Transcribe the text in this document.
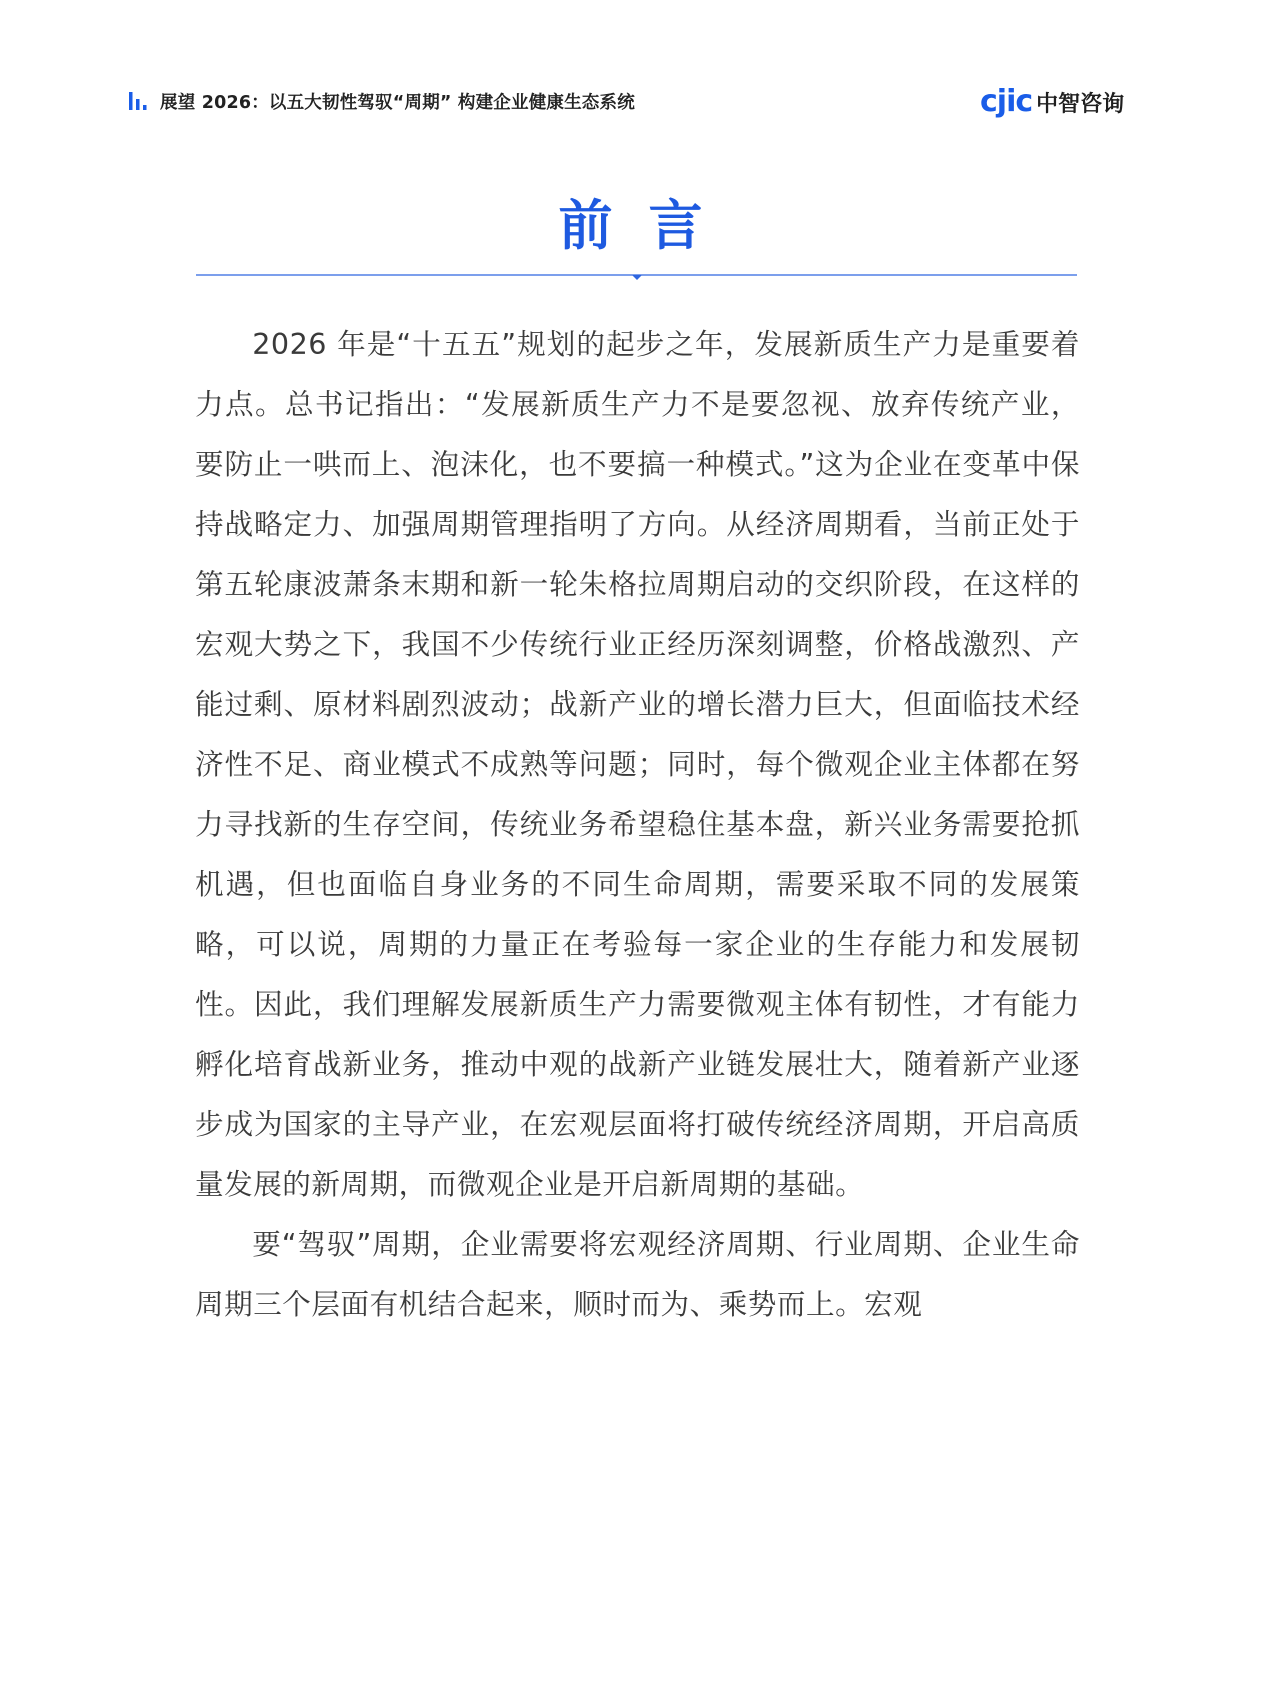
展望 2026：以五大韧性驾驭“周期” 构建企业健康生态系统	cjic 中智咨询
前言

2026 年是“十五五”规划的起步之年，发展新质生产力是重要着力点。总书记指出：“发展新质生产力不是要忽视、放弃传统产业，要防止一哄而上、泡沫化，也不要搞一种模式。”这为企业在变革中保持战略定力、加强周期管理指明了方向。从经济周期看，当前正处于第五轮康波萧条末期和新一轮朱格拉周期启动的交织阶段，在这样的宏观大势之下，我国不少传统行业正经历深刻调整，价格战激烈、产能过剩、原材料剧烈波动；战新产业的增长潜力巨大，但面临技术经济性不足、商业模式不成熟等问题；同时，每个微观企业主体都在努力寻找新的生存空间，传统业务希望稳住基本盘，新兴业务需要抢抓机遇，但也面临自身业务的不同生命周期，需要采取不同的发展策略，可以说，周期的力量正在考验每一家企业的生存能力和发展韧性。因此，我们理解发展新质生产力需要微观主体有韧性，才有能力孵化培育战新业务，推动中观的战新产业链发展壮大，随着新产业逐步成为国家的主导产业，在宏观层面将打破传统经济周期，开启高质量发展的新周期，而微观企业是开启新周期的基础。

要“驾驭”周期，企业需要将宏观经济周期、行业周期、企业生命周期三个层面有机结合起来，顺时而为、乘势而上。宏观
